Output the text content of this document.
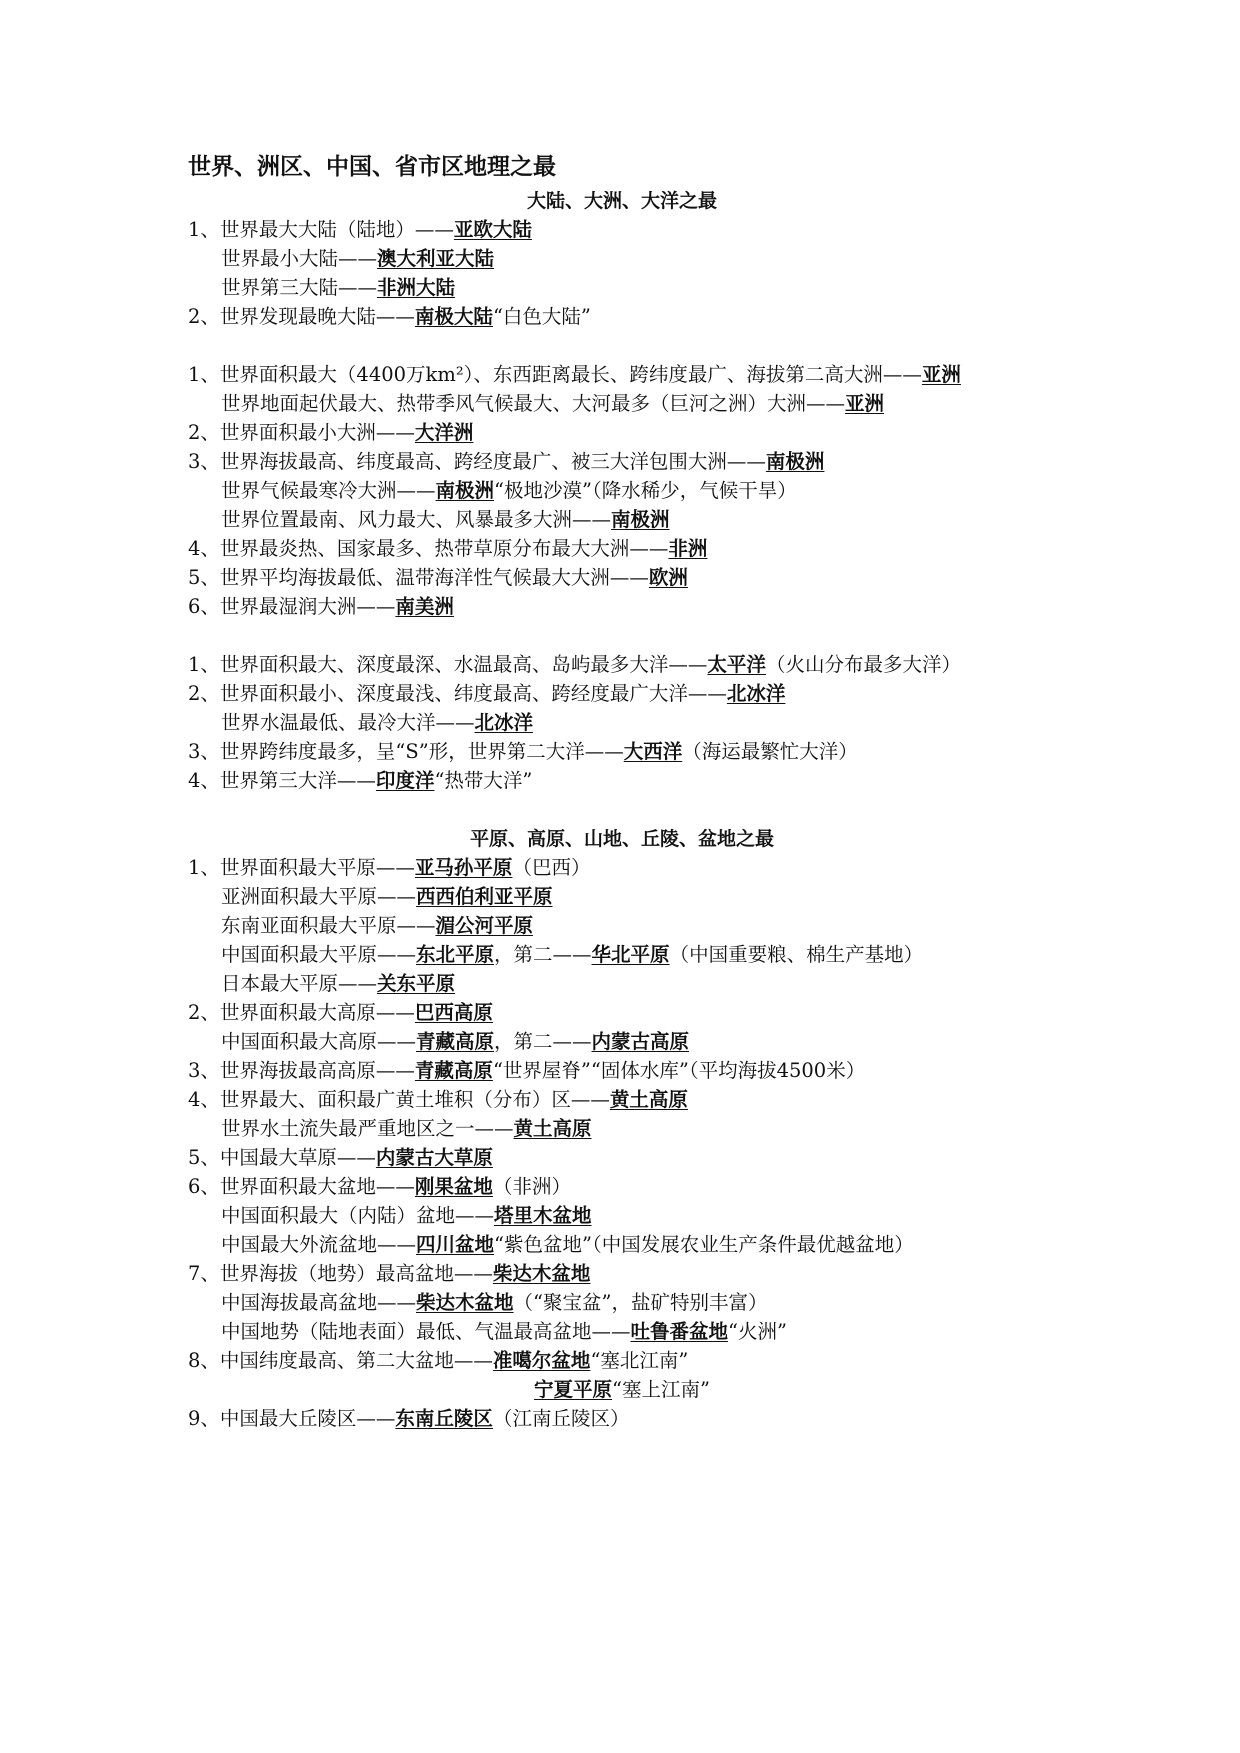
世界、洲区、中国、省市区地理之最
大陆、大洲、大洋之最
1、世界最大大陆（陆地）——亚欧大陆
世界最小大陆——澳大利亚大陆
世界第三大陆——非洲大陆
2、世界发现最晚大陆——南极大陆“白色大陆”
1、世界面积最大（4400万km²）、东西距离最长、跨纬度最广、海拔第二高大洲——亚洲
世界地面起伏最大、热带季风气候最大、大河最多（巨河之洲）大洲——亚洲
2、世界面积最小大洲——大洋洲
3、世界海拔最高、纬度最高、跨经度最广、被三大洋包围大洲——南极洲
世界气候最寒冷大洲——南极洲“极地沙漠”（降水稀少，气候干旱）
世界位置最南、风力最大、风暴最多大洲——南极洲
4、世界最炎热、国家最多、热带草原分布最大大洲——非洲
5、世界平均海拔最低、温带海洋性气候最大大洲——欧洲
6、世界最湿润大洲——南美洲
1、世界面积最大、深度最深、水温最高、岛屿最多大洋——太平洋（火山分布最多大洋）
2、世界面积最小、深度最浅、纬度最高、跨经度最广大洋——北冰洋
世界水温最低、最冷大洋——北冰洋
3、世界跨纬度最多，呈“S”形，世界第二大洋——大西洋（海运最繁忙大洋）
4、世界第三大洋——印度洋“热带大洋”
平原、高原、山地、丘陵、盆地之最
1、世界面积最大平原——亚马孙平原（巴西）
亚洲面积最大平原——西西伯利亚平原
东南亚面积最大平原——湄公河平原
中国面积最大平原——东北平原，第二——华北平原（中国重要粮、棉生产基地）
日本最大平原——关东平原
2、世界面积最大高原——巴西高原
中国面积最大高原——青藏高原，第二——内蒙古高原
3、世界海拔最高高原——青藏高原“世界屋脊”“固体水库”（平均海拔4500米）
4、世界最大、面积最广黄土堆积（分布）区——黄土高原
世界水土流失最严重地区之一——黄土高原
5、中国最大草原——内蒙古大草原
6、世界面积最大盆地——刚果盆地（非洲）
中国面积最大（内陆）盆地——塔里木盆地
中国最大外流盆地——四川盆地“紫色盆地”（中国发展农业生产条件最优越盆地）
7、世界海拔（地势）最高盆地——柴达木盆地
中国海拔最高盆地——柴达木盆地（“聚宝盆”，盐矿特别丰富）
中国地势（陆地表面）最低、气温最高盆地——吐鲁番盆地“火洲”
8、中国纬度最高、第二大盆地——准噶尔盆地“塞北江南”
宁夏平原“塞上江南”
9、中国最大丘陵区——东南丘陵区（江南丘陵区）
